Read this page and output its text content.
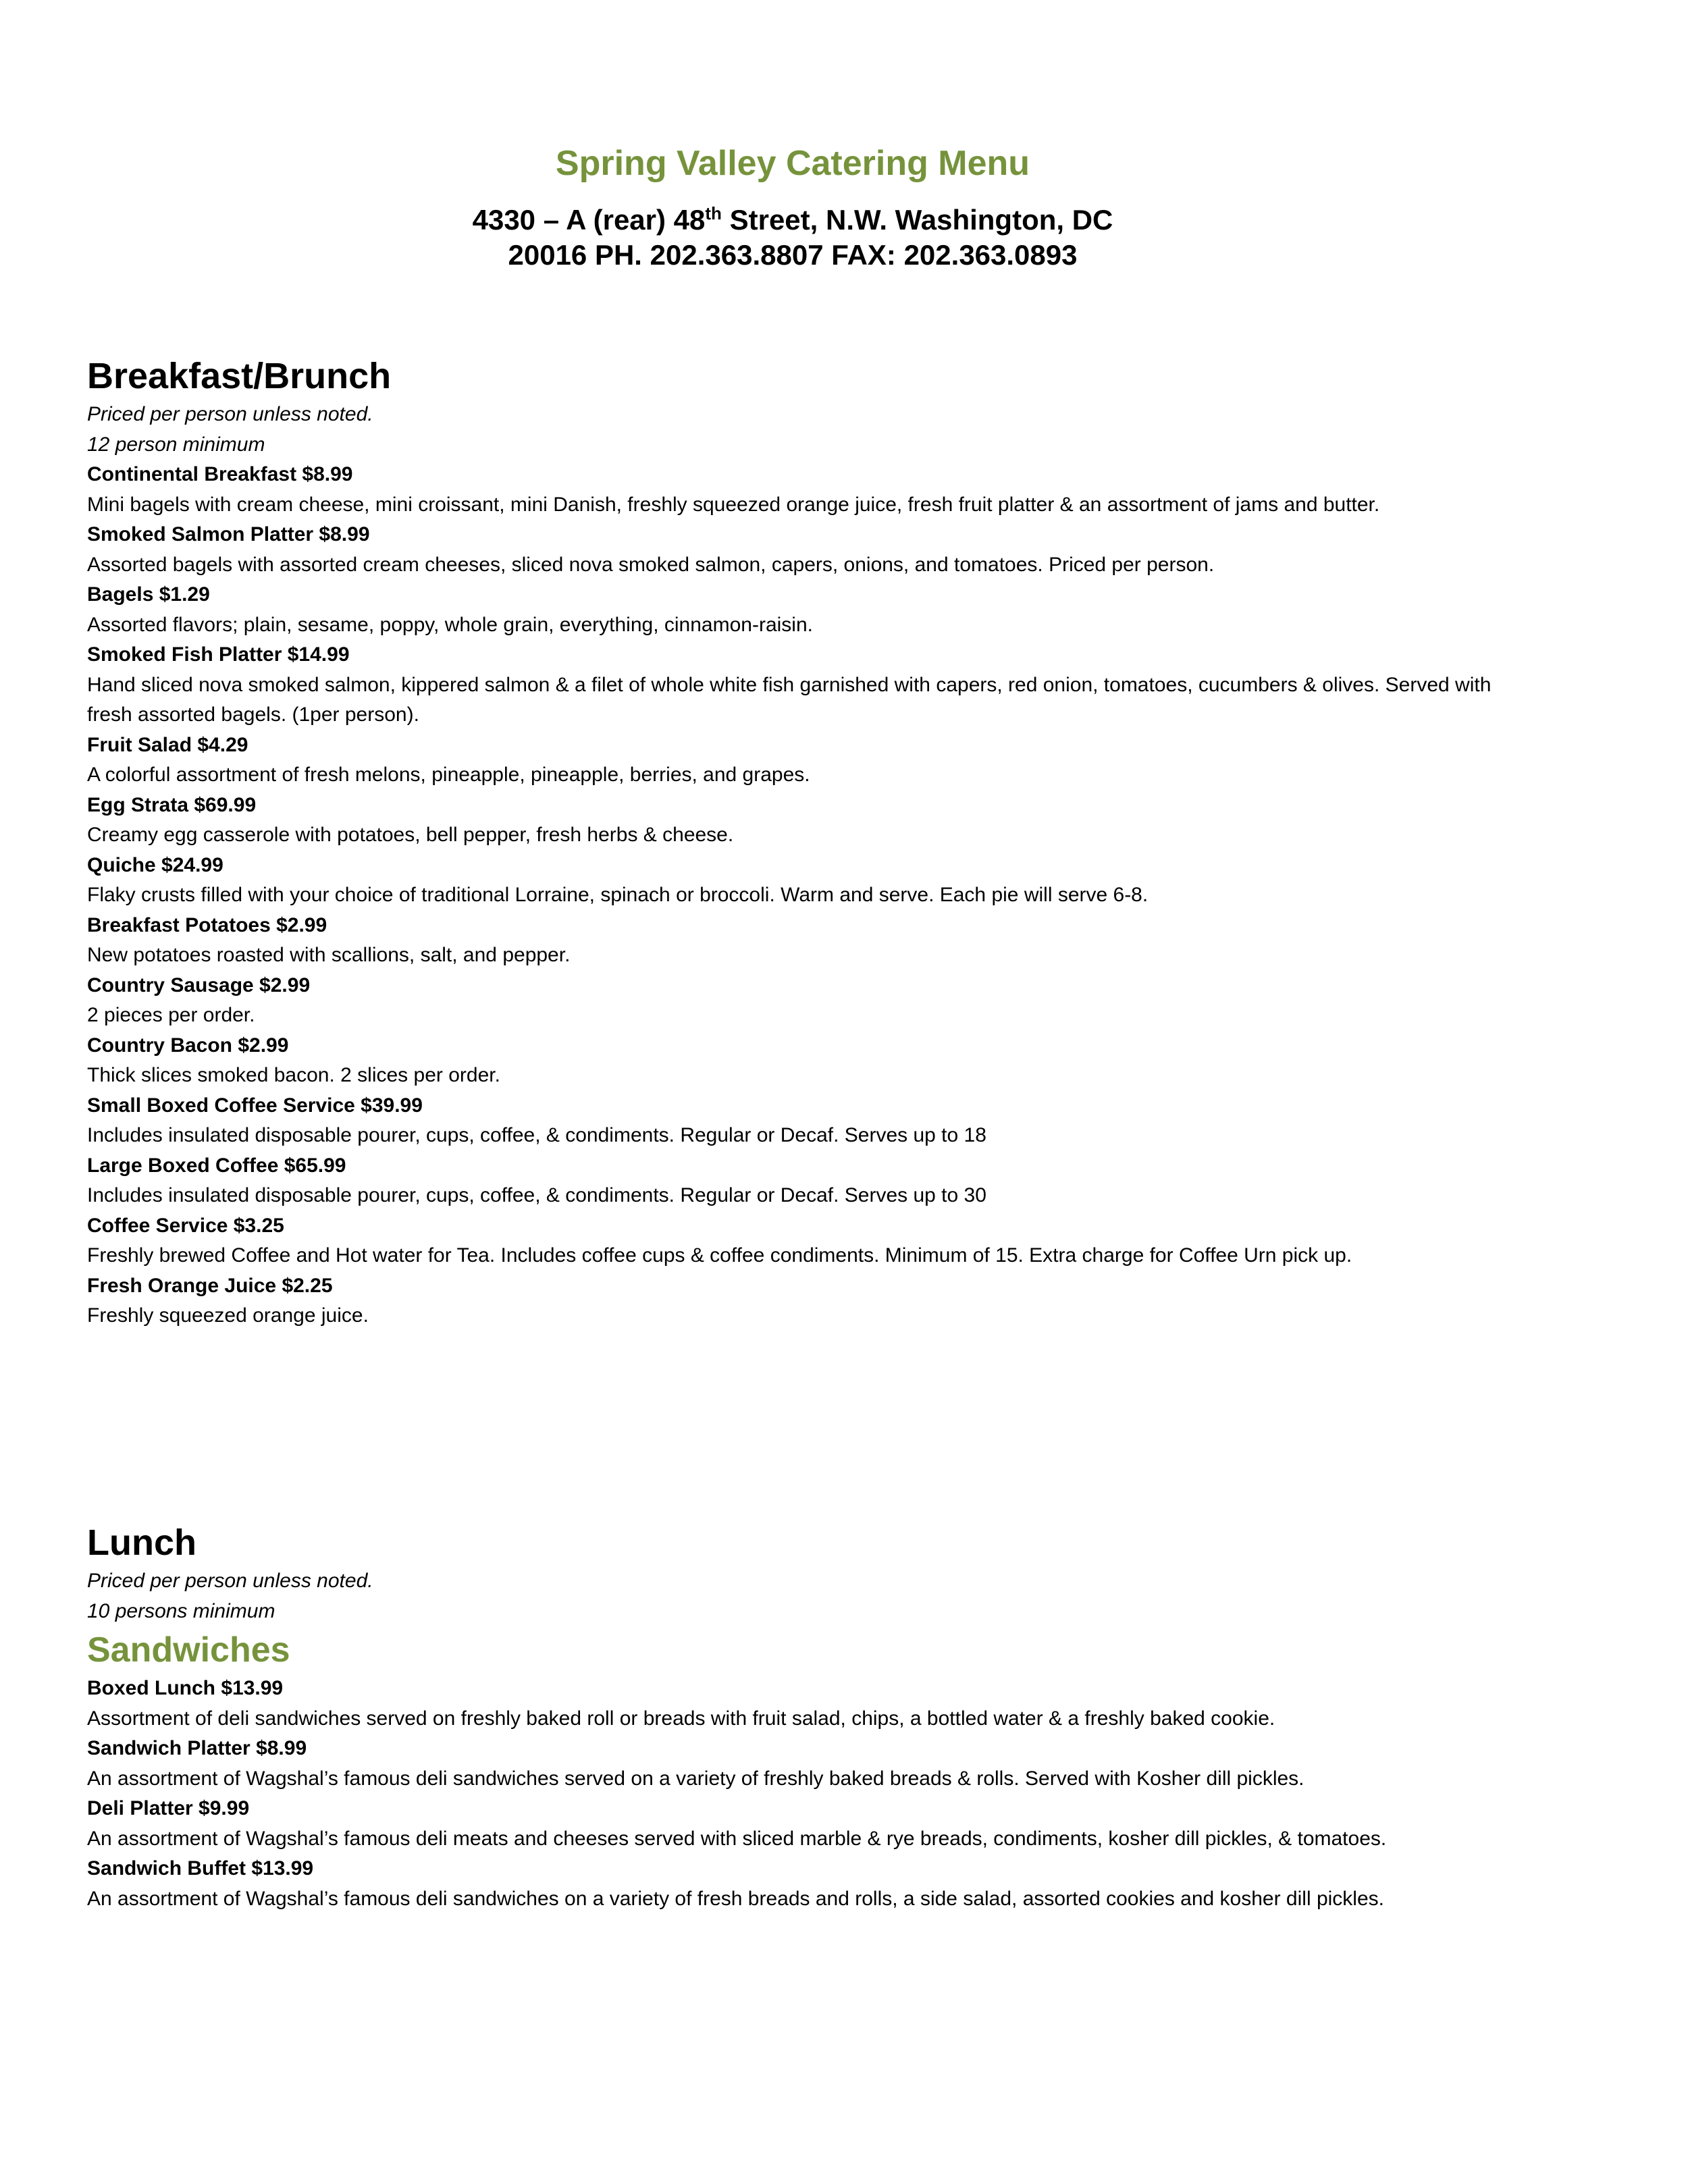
Spring Valley Catering Menu
4330 – A (rear) 48th Street, N.W. Washington, DC
20016 PH. 202.363.8807 FAX: 202.363.0893
Breakfast/Brunch
Priced per person unless noted.
12 person minimum
Continental Breakfast $8.99
Mini bagels with cream cheese, mini croissant, mini Danish, freshly squeezed orange juice, fresh fruit platter & an assortment of jams and butter.
Smoked Salmon Platter $8.99
Assorted bagels with assorted cream cheeses, sliced nova smoked salmon, capers, onions, and tomatoes. Priced per person.
Bagels $1.29
Assorted flavors; plain, sesame, poppy, whole grain, everything, cinnamon-raisin.
Smoked Fish Platter $14.99
Hand sliced nova smoked salmon, kippered salmon & a filet of whole white fish garnished with capers, red onion, tomatoes, cucumbers & olives. Served with fresh assorted bagels. (1per person).
Fruit Salad $4.29
A colorful assortment of fresh melons, pineapple, pineapple, berries, and grapes.
Egg Strata $69.99
Creamy egg casserole with potatoes, bell pepper, fresh herbs & cheese.
Quiche $24.99
Flaky crusts filled with your choice of traditional Lorraine, spinach or broccoli. Warm and serve. Each pie will serve 6-8.
Breakfast Potatoes $2.99
New potatoes roasted with scallions, salt, and pepper.
Country Sausage $2.99
2 pieces per order.
Country Bacon $2.99
Thick slices smoked bacon. 2 slices per order.
Small Boxed Coffee Service $39.99
Includes insulated disposable pourer, cups, coffee, & condiments. Regular or Decaf. Serves up to 18
Large Boxed Coffee $65.99
Includes insulated disposable pourer, cups, coffee, & condiments. Regular or Decaf. Serves up to 30
Coffee Service $3.25
Freshly brewed Coffee and Hot water for Tea. Includes coffee cups & coffee condiments. Minimum of 15. Extra charge for Coffee Urn pick up.
Fresh Orange Juice $2.25
Freshly squeezed orange juice.
Lunch
Priced per person unless noted.
10 persons minimum
Sandwiches
Boxed Lunch $13.99
Assortment of deli sandwiches served on freshly baked roll or breads with fruit salad, chips, a bottled water & a freshly baked cookie.
Sandwich Platter $8.99
An assortment of Wagshal’s famous deli sandwiches served on a variety of freshly baked breads & rolls. Served with Kosher dill pickles.
Deli Platter $9.99
An assortment of Wagshal’s famous deli meats and cheeses served with sliced marble & rye breads, condiments, kosher dill pickles, & tomatoes.
Sandwich Buffet $13.99
An assortment of Wagshal’s famous deli sandwiches on a variety of fresh breads and rolls, a side salad, assorted cookies and kosher dill pickles.
